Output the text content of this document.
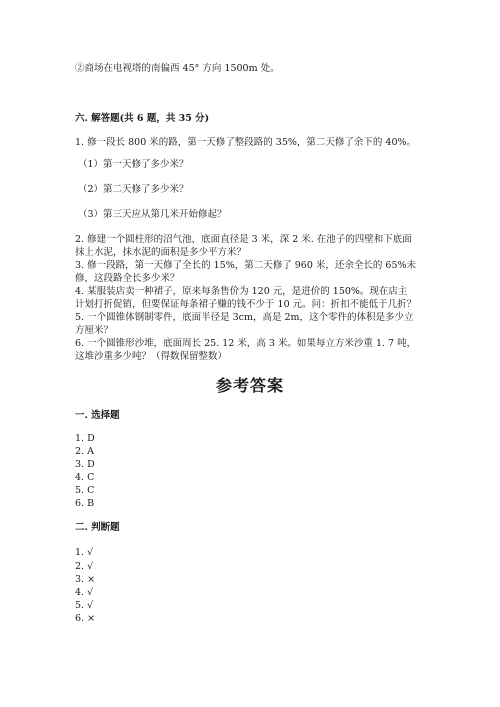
②商场在电视塔的南偏西 45° 方向 1500m 处。
六. 解答题(共 6 题，共 35 分)
1. 修一段长 800 米的路，第一天修了整段路的 35%，第二天修了余下的 40%。
（1）第一天修了多少米？
（2）第二天修了多少米？
（3）第三天应从第几米开始修起？
2. 修建一个圆柱形的沼气池，底面直径是 3 米，深 2 米. 在池子的四壁和下底面
抹上水泥，抹水泥的面积是多少平方米？
3. 修一段路，第一天修了全长的 15%，第二天修了 960 米，还余全长的 65%未
修，这段路全长多少米？
4. 某服装店卖一种裙子，原来每条售价为 120 元，是进价的 150%。现在店主
计划打折促销，但要保证每条裙子赚的钱不少于 10 元。问：折扣不能低于几折？
5. 一个圆锥体钢制零件，底面半径是 3cm，高是 2m，这个零件的体积是多少立
方厘米？
6. 一个圆锥形沙堆，底面周长 25. 12 米，高 3 米。如果每立方米沙重 1. 7 吨，
这堆沙重多少吨？（得数保留整数）
参考答案
一. 选择题
1. D
2. A
3. D
4. C
5. C
6. B
二. 判断题
1. √
2. √
3. ×
4. √
5. √
6. ×
